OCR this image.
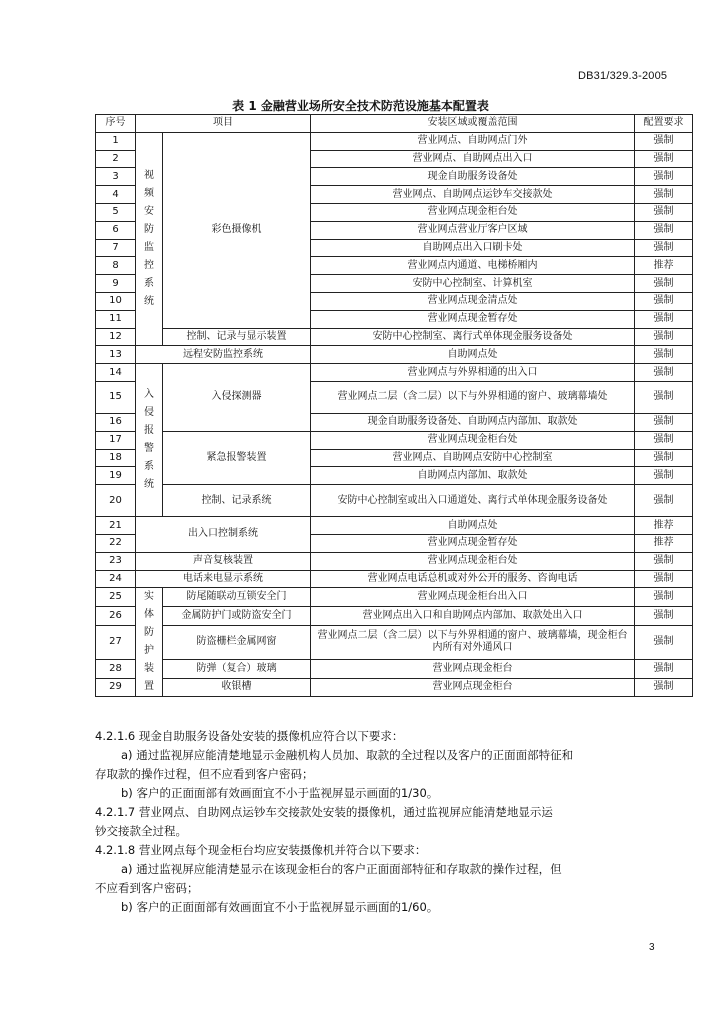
DB31/329.3-2005
表 1 金融营业场所安全技术防范设施基本配置表
序号	项目		安装区域或覆盖范围	配置要求
1	视频安防监控系统	彩色摄像机	营业网点、自助网点门外	强制
2			营业网点、自助网点出入口	强制
3			现金自助服务设备处	强制
4			营业网点、自助网点运钞车交接款处	强制
5			营业网点现金柜台处	强制
6			营业网点营业厅客户区域	强制
7			自助网点出入口刷卡处	强制
8			营业网点内通道、电梯桥厢内	推荐
9			安防中心控制室、计算机室	强制
10			营业网点现金清点处	强制
11			营业网点现金暂存处	强制
12		控制、记录与显示装置	安防中心控制室、离行式单体现金服务设备处	强制
13	远程安防监控系统		自助网点处	强制
14	入侵报警系统	入侵探测器	营业网点与外界相通的出入口	强制
15			营业网点二层（含二层）以下与外界相通的窗户、玻璃幕墙处	强制
16			现金自助服务设备处、自助网点内部加、取款处	强制
17		紧急报警装置	营业网点现金柜台处	强制
18			营业网点、自助网点安防中心控制室	强制
19			自助网点内部加、取款处	强制
20		控制、记录系统	安防中心控制室或出入口通道处、离行式单体现金服务设备处	强制
21	出入口控制系统		自助网点处	推荐
22			营业网点现金暂存处	推荐
23	声音复核装置		营业网点现金柜台处	强制
24	电话来电显示系统		营业网点电话总机或对外公开的服务、咨询电话	强制
25	实体防护装置	防尾随联动互锁安全门	营业网点现金柜台出入口	强制
26		金属防护门或防盗安全门	营业网点出入口和自助网点内部加、取款处出入口	强制
27		防盗栅栏金属网窗	营业网点二层（含二层）以下与外界相通的窗户、玻璃幕墙，现金柜台内所有对外通风口	强制
28		防弹（复合）玻璃	营业网点现金柜台	强制
29		收银槽	营业网点现金柜台	强制
4.2.1.6 现金自助服务设备处安装的摄像机应符合以下要求：
a) 通过监视屏应能清楚地显示金融机构人员加、取款的全过程以及客户的正面面部特征和
存取款的操作过程，但不应看到客户密码；
b) 客户的正面面部有效画面宜不小于监视屏显示画面的1/30。
4.2.1.7 营业网点、自助网点运钞车交接款处安装的摄像机，通过监视屏应能清楚地显示运
钞交接款全过程。
4.2.1.8 营业网点每个现金柜台均应安装摄像机并符合以下要求：
a) 通过监视屏应能清楚显示在该现金柜台的客户正面面部特征和存取款的操作过程，但
不应看到客户密码；
b) 客户的正面面部有效画面宜不小于监视屏显示画面的1/60。
3
